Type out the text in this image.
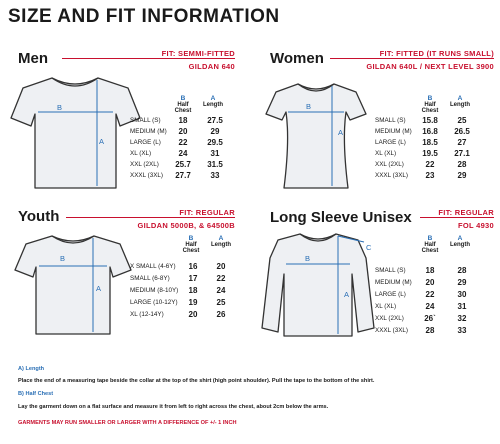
SIZE AND FIT INFORMATION
Men	FIT: SEMMI-FITTED
GILDAN 640
B
A
B
Half Chest
A
Length
SMALL (S)	18	27.5
MEDIUM (M)	20	29
LARGE (L)	22	29.5
XL (XL)	24	31
XXL (2XL)	25.7	31.5
XXXL (3XL)	27.7	33
Women	FIT: FITTED (IT RUNS SMALL)
GILDAN 640L / NEXT LEVEL 3900
B
A
B
Half Chest
A
Length
SMALL (S)	15.8	25
MEDIUM (M)	16.8	26.5
LARGE (L)	18.5	27
XL (XL)	19.5	27.1
XXL (2XL)	22	28
XXXL (3XL)	23	29
Youth	FIT: REGULAR
GILDAN 5000B, & 64500B
B
A
B
Half Chest
A
Length
X SMALL (4-6Y)	16	20
SMALL (6-8Y)	17	22
MEDIUM (8-10Y)	18	24
LARGE (10-12Y)	19	25
XL (12-14Y)	20	26
Long Sleeve Unisex	FIT: REGULAR
FOL 4930
B
A
C
B
Half Chest
A
Length
SMALL (S)	18	28
MEDIUM (M)	20	29
LARGE (L)	22	30
XL (XL)	24	31
XXL (2XL)	26`	32
XXXL (3XL)	28	33
A) Length
Place the end of a measuring tape beside the collar at the top of the shirt (high point shoulder). Pull the tape to the bottom of the shirt.
B) Half Chest
Lay the garment down on a flat surface and measure it from left to right across the chest, about 2cm below the arms.
GARMENTS MAY RUN SMALLER OR LARGER WITH A DIFFERENCE OF +/- 1 INCH
